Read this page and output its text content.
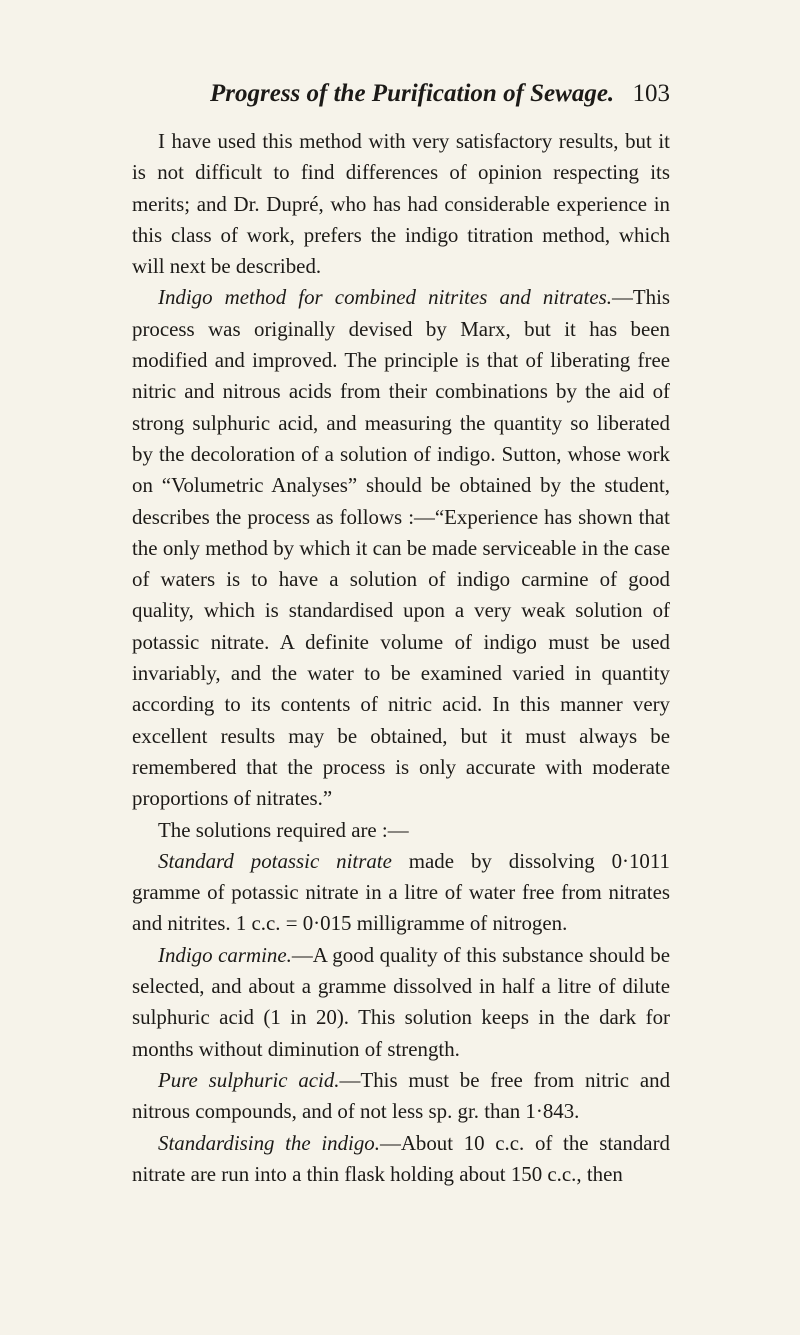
Progress of the Purification of Sewage. 103

I have used this method with very satisfactory results, but it is not difficult to find differences of opinion respecting its merits; and Dr. Dupré, who has had considerable experience in this class of work, prefers the indigo titration method, which will next be described.

Indigo method for combined nitrites and nitrates.—This process was originally devised by Marx, but it has been modified and improved. The principle is that of liberating free nitric and nitrous acids from their combinations by the aid of strong sulphuric acid, and measuring the quantity so liberated by the decoloration of a solution of indigo. Sutton, whose work on “Volumetric Analyses” should be obtained by the student, describes the process as follows :—“Experience has shown that the only method by which it can be made serviceable in the case of waters is to have a solution of indigo carmine of good quality, which is standardised upon a very weak solution of potassic nitrate. A definite volume of indigo must be used invariably, and the water to be examined varied in quantity according to its contents of nitric acid. In this manner very excellent results may be obtained, but it must always be remembered that the process is only accurate with moderate proportions of nitrates.”

The solutions required are :—

Standard potassic nitrate made by dissolving 0·1011 gramme of potassic nitrate in a litre of water free from nitrates and nitrites. 1 c.c. = 0·015 milligramme of nitrogen.

Indigo carmine.—A good quality of this substance should be selected, and about a gramme dissolved in half a litre of dilute sulphuric acid (1 in 20). This solution keeps in the dark for months without diminution of strength.

Pure sulphuric acid.—This must be free from nitric and nitrous compounds, and of not less sp. gr. than 1·843.

Standardising the indigo.—About 10 c.c. of the standard nitrate are run into a thin flask holding about 150 c.c., then
